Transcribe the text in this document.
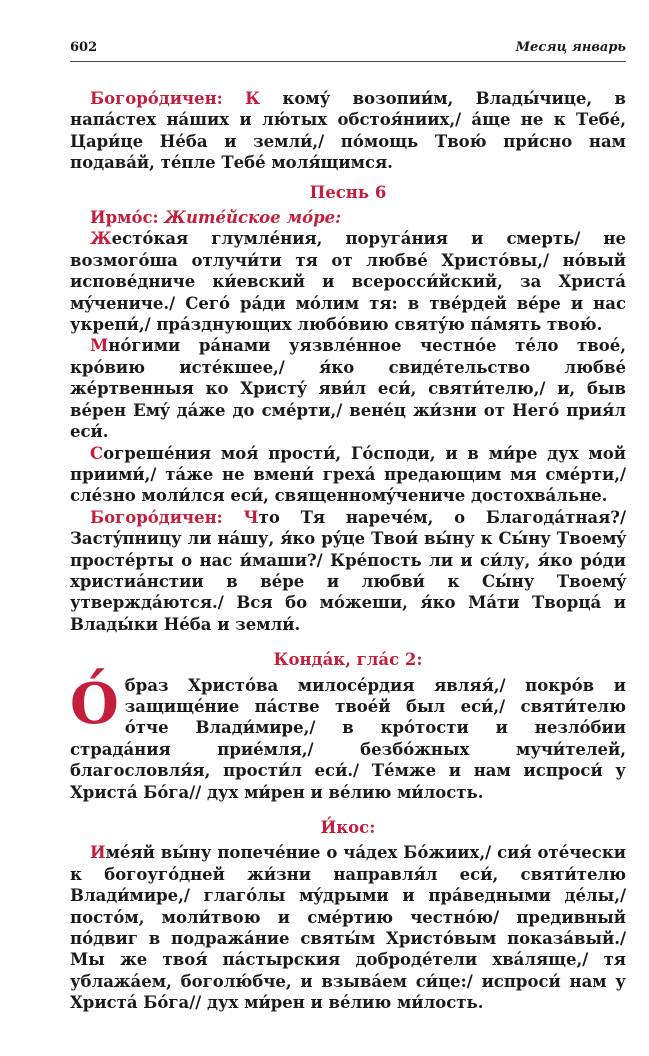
602	Месяц январь

Богоро́дичен: К кому́ возопии́м, Влады́чице, в напа́стех на́ших и лю́тых обстоя́ниих,/ а́ще не к Тебе́, Цари́це Не́ба и земли́,/ по́мощь Твою́ при́сно нам подава́й, те́пле Тебе́ моля́щимся.

Песнь 6

Ирмо́с: Жите́йское мо́ре:

Жестóкая глумлéния, поругáния и смерть/ не возмогóша отлучи́ти тя от любвé Христóвы,/ нóвый испове́дниче ки́евский и всеросси́йский, за Христá мýчениче./ Сегó рáди мóлим тя: в тве́рдей ве́ре и нас укрепи́,/ прáзднующих любóвию святýю пáмять твою́.

Мнóгими рáнами уязвлéнное честнóе тéло твоé, крóвию истéкшее,/ я́ко свидéтельство любвé жéртвенныя ко Христý яви́л еси́, святи́телю,/ и, быв вéрен Емý дáже до сме́рти,/ вене́ц жи́зни от Негó прия́л еси́.

Согреше́ния моя́ прости́, Гóсподи, и в ми́ре дух мой приими́,/ тáже не вмени́ грехá предающим мя смéрти,/ слéзно моли́лся еси́, священномýчениче достохвáльне.

Богоро́дичен: Что Тя наречéм, о Благодáтная?/ Застýпницу ли нáшу, я́ко рýце Твои́ вы́ну к Сы́ну Твоемý простéрты о нас и́маши?/ Крéпость ли и си́лу, я́ко рóди христиáнстии в вéре и любви́ к Сы́ну Твоемý утверждáются./ Вся бо мóжеши, я́ко Мáти Творцá и Влады́ки Нéба и земли́.

Кондáк, глáс 2:

О́браз Христóва милосéрдия являя́,/ покрóв и защищéние пáстве твоéй был еси́,/ святи́телю óтче Влади́мире,/ в крóтости и незлóбии страдáния приéмля,/ безбóжных мучи́телей, благословля́я, прости́л еси́./ Тéмже и нам испроси́ у Христá Бóга// дух ми́рен и вéлию ми́лость.

И́кос:

Имéяй вы́ну попечéние о чáдех Бóжиих,/ сия́ отéчески к богоугóдней жи́зни направля́л еси́, святи́телю Влади́мире,/ глагóлы мýдрыми и прáведными дéлы,/ постóм, моли́твою и смéртию честнóю/ предивный пóдвиг в подражáние святы́м Христóвым показáвый./ Мы же твоя́ пáстырския доброде́тели хвáляще,/ тя ублажáем, боголю́бче, и взывáем си́це:/ испроси́ нам у Христá Бóга// дух ми́рен и вéлию ми́лость.
